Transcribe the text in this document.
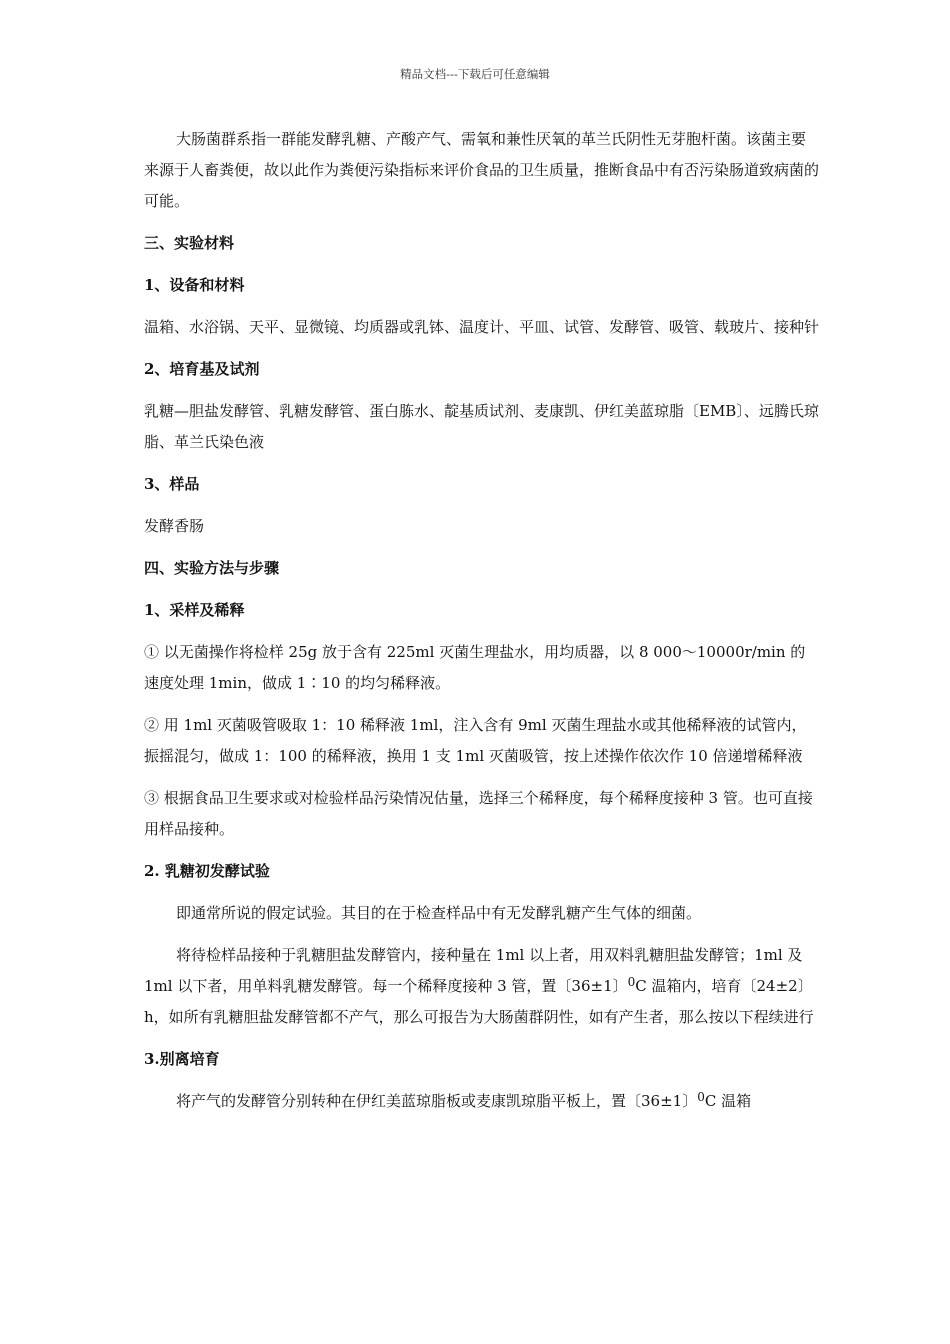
精品文档---下载后可任意编辑

大肠菌群系指一群能发酵乳糖、产酸产气、需氧和兼性厌氧的革兰氏阴性无芽胞杆菌。该菌主要来源于人畜粪便，故以此作为粪便污染指标来评价食品的卫生质量，推断食品中有否污染肠道致病菌的可能。

三、实验材料

1、设备和材料

温箱、水浴锅、天平、显微镜、均质器或乳钵、温度计、平皿、试管、发酵管、吸管、载玻片、接种针

2、培育基及试剂

乳糖—胆盐发酵管、乳糖发酵管、蛋白胨水、靛基质试剂、麦康凯、伊红美蓝琼脂〔EMB〕、远腾氏琼脂、革兰氏染色液

3、样品

发酵香肠

四、实验方法与步骤

1、采样及稀释

① 以无菌操作将检样 25g 放于含有 225ml 灭菌生理盐水，用均质器，以 8 000～10000r/min 的速度处理 1min，做成 1∶10 的均匀稀释液。

② 用 1ml 灭菌吸管吸取 1：10 稀释液 1ml，注入含有 9ml 灭菌生理盐水或其他稀释液的试管内，振摇混匀，做成 1：100 的稀释液，换用 1 支 1ml 灭菌吸管，按上述操作依次作 10 倍递增稀释液

③ 根据食品卫生要求或对检验样品污染情况估量，选择三个稀释度，每个稀释度接种 3 管。也可直接用样品接种。

2. 乳糖初发酵试验

即通常所说的假定试验。其目的在于检查样品中有无发酵乳糖产生气体的细菌。

将待检样品接种于乳糖胆盐发酵管内，接种量在 1ml 以上者，用双料乳糖胆盐发酵管；1ml 及 1ml 以下者，用单料乳糖发酵管。每一个稀释度接种 3 管，置〔36±1〕$^0$C 温箱内，培育〔24±2〕h，如所有乳糖胆盐发酵管都不产气，那么可报告为大肠菌群阴性，如有产生者，那么按以下程续进行

3.别离培育

将产气的发酵管分别转种在伊红美蓝琼脂板或麦康凯琼脂平板上，置〔36±1〕$^0$C 温箱
